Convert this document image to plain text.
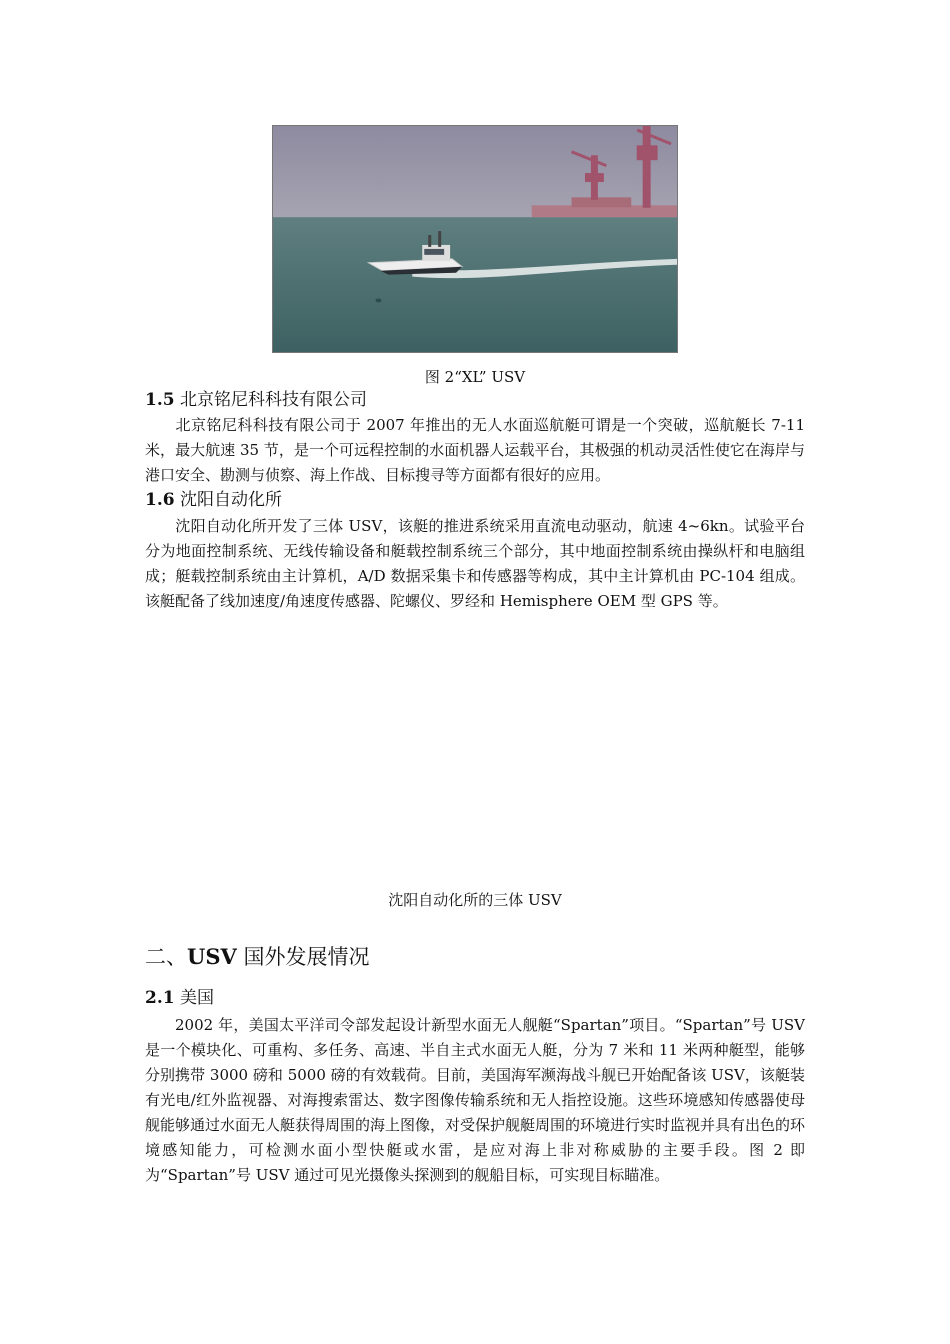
图 2“XL” USV
1.5 北京铭尼科科技有限公司
北京铭尼科科技有限公司于 2007 年推出的无人水面巡航艇可谓是一个突破，巡航艇长 7-11 米，最大航速 35 节，是一个可远程控制的水面机器人运载平台，其极强的机动灵活性使它在海岸与港口安全、勘测与侦察、海上作战、目标搜寻等方面都有很好的应用。
1.6 沈阳自动化所
沈阳自动化所开发了三体 USV，该艇的推进系统采用直流电动驱动，航速 4~6kn。试验平台分为地面控制系统、无线传输设备和艇载控制系统三个部分，其中地面控制系统由操纵杆和电脑组成；艇载控制系统由主计算机，A/D 数据采集卡和传感器等构成，其中主计算机由 PC-104 组成。该艇配备了线加速度/角速度传感器、陀螺仪、罗经和 Hemisphere OEM 型 GPS 等。
沈阳自动化所的三体 USV
二、USV 国外发展情况
2.1 美国
2002 年，美国太平洋司令部发起设计新型水面无人舰艇“Spartan”项目。“Spartan”号 USV 是一个模块化、可重构、多任务、高速、半自主式水面无人艇，分为 7 米和 11 米两种艇型，能够分别携带 3000 磅和 5000 磅的有效载荷。目前，美国海军濒海战斗舰已开始配备该 USV，该艇装有光电/红外监视器、对海搜索雷达、数字图像传输系统和无人指控设施。这些环境感知传感器使母舰能够通过水面无人艇获得周围的海上图像，对受保护舰艇周围的环境进行实时监视并具有出色的环境感知能力，可检测水面小型快艇或水雷，是应对海上非对称威胁的主要手段。图 2 即为“Spartan”号 USV 通过可见光摄像头探测到的舰船目标，可实现目标瞄准。
